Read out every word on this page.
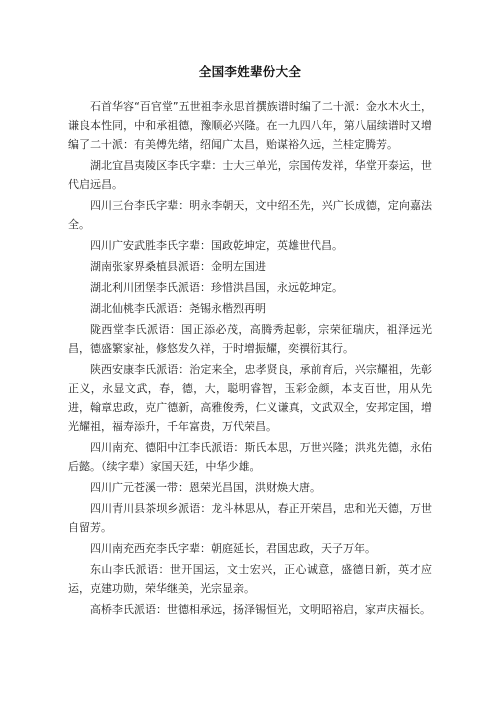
全国李姓辈份大全

石首华容“百官堂”五世祖李永思首撰族谱时编了二十派：金水木火土，谦良本性同，中和承祖德，豫顺必兴隆。在一九四八年，第八届续谱时又增编了二十派：有美傅先绪，绍闻广太昌，贻谋裕久远，兰桂定腾芳。

湖北宜昌夷陵区李氏字辈：士大三单光，宗国传发祥，华堂开泰运，世代启远昌。

四川三台李氏字辈：明永李朝天，文中绍丕先，兴广长成德，定向嘉法全。

四川广安武胜李氏字辈：国政乾坤定，英雄世代昌。

湖南张家界桑植县派语：金明左国进

湖北利川团堡李氏派语：珍惜洪昌国，永远乾坤定。

湖北仙桃李氏派语：尧锡永楷烈再明

陇西堂李氏派语：国正添必茂，高腾秀起彰，宗荣征瑞庆，祖泽远光昌，德盛繁家祉，修悠发久祥，于时增振耀，奕禩衍其行。

陕西安康李氏派语：治定来全，忠孝贤良，承前育后，兴宗耀祖，先彰正义，永显文武，春，德，大，聪明睿智，玉彩金颜，本支百世，用从先进，翰章忠政，克广德新，高雅俊秀，仁义谦真，文武双全，安邦定国，增光耀祖，福寿添升，千年富贵，万代荣昌。

四川南充、德阳中江李氏派语：斯氏本思，万世兴隆；洪兆先德，永佑后懿。（续字辈）家国天廷，中华少雄。

四川广元苍溪一带：恩荣光昌国，洪财焕大唐。

四川青川县茶坝乡派语：龙斗林思从，春正开荣昌，忠和光天德，万世自留芳。

四川南充西充李氏字辈：朝庭延长，君国忠政，天子万年。

东山李氏派语：世开国运，文士宏兴，正心诚意，盛德日新，英才应运，克建功勋，荣华继美，光宗显亲。

高桥李氏派语：世德相承远，扬泽锡恒光，文明昭裕启，家声庆福长。
